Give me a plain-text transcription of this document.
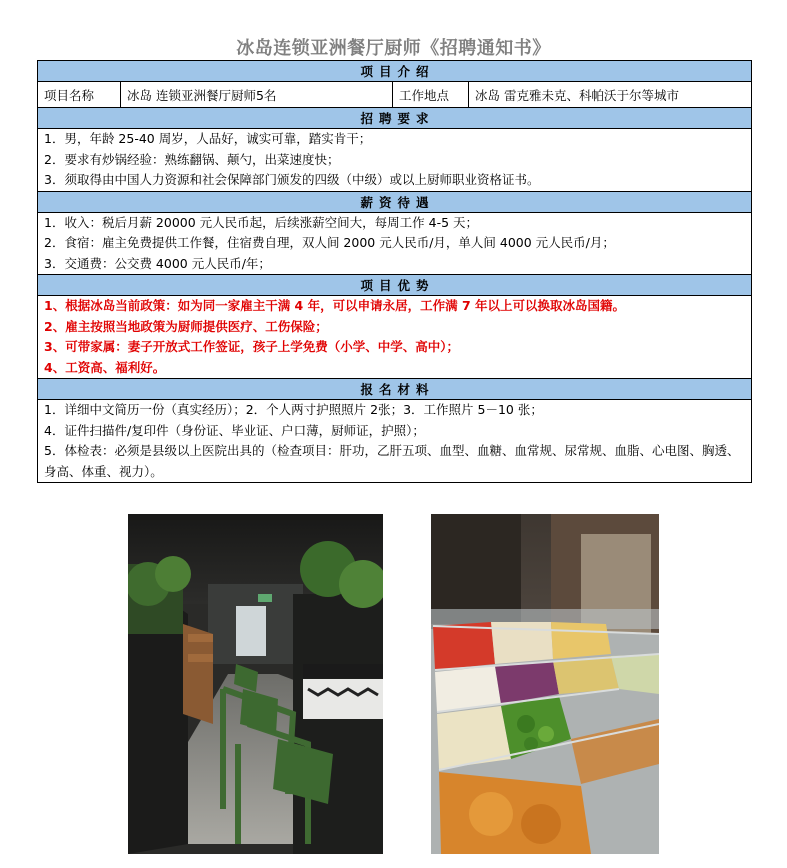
冰岛连锁亚洲餐厅厨师《招聘通知书》
项目介绍
项目名称	冰岛 连锁亚洲餐厅厨师5名	工作地点	冰岛 雷克雅未克、科帕沃于尔等城市
招聘要求

1．男，年龄 25-40 周岁，人品好，诚实可靠，踏实肯干；
2．要求有炒锅经验：熟练翻锅、颠勺，出菜速度快；
3．须取得由中国人力资源和社会保障部门颁发的四级（中级）或以上厨师职业资格证书。

薪资待遇

1．收入：税后月薪 20000 元人民币起，后续涨薪空间大，每周工作 4-5 天；
2．食宿：雇主免费提供工作餐，住宿费自理，双人间 2000 元人民币/月，单人间 4000 元人民币/月；
3．交通费：公交费 4000 元人民币/年；

项目优势

1、根据冰岛当前政策：如为同一家雇主干满 4 年，可以申请永居，工作满 7 年以上可以换取冰岛国籍。
2、雇主按照当地政策为厨师提供医疗、工伤保险；
3、可带家属：妻子开放式工作签证，孩子上学免费（小学、中学、高中）；
4、工资高、福利好。

报名材料

1．详细中文简历一份（真实经历）；2．个人两寸护照照片 2张；3．工作照片 5－10 张；
4．证件扫描件/复印件（身份证、毕业证、户口薄，厨师证，护照）；
5．体检表：必须是县级以上医院出具的（检查项目：肝功，乙肝五项、血型、血糖、血常规、尿常规、血脂、心电图、胸透、身高、体重、视力）。
